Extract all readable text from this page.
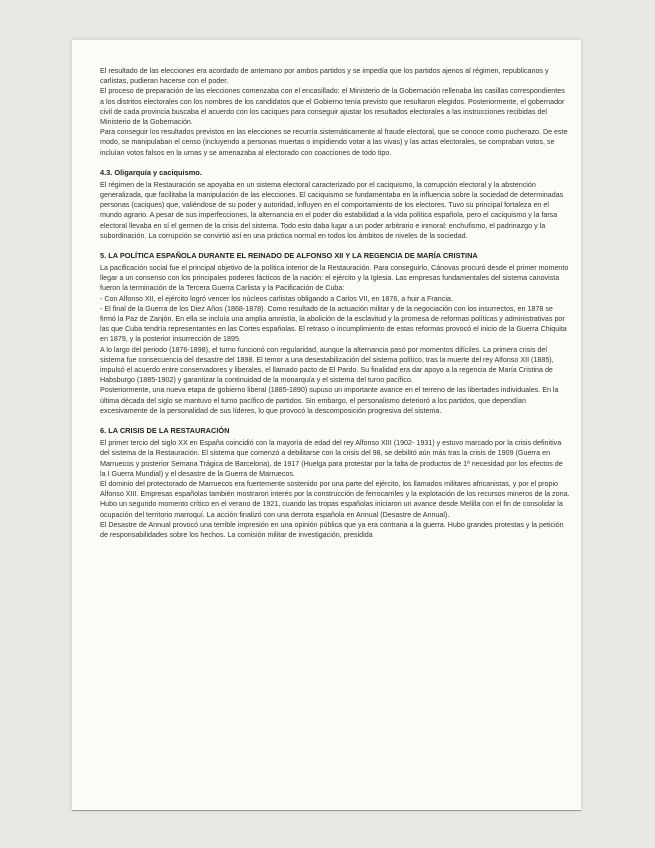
El resultado de las elecciones era acordado de antemano por ambos partidos y se impedía que los partidos ajenos al régimen, republicanos y carlistas, pudieran hacerse con el poder.

El proceso de preparación de las elecciones comenzaba con el encasillado: el Ministerio de la Gobernación rellenaba las casillas correspondientes a los distritos electorales con los nombres de los candidatos que el Gobierno tenía previsto que resultaron elegidos. Posteriormente, el gobernador civil de cada provincia buscaba el acuerdo con los caciques para conseguir ajustar los resultados electorales a las instrucciones recibidas del Ministerio de la Gobernación.

Para conseguir los resultados previstos en las elecciones se recurría sistemáticamente al fraude electoral, que se conoce como pucherazo. De este modo, se manipulaban el censo (incluyendo a personas muertas o impidiendo votar a las vivas) y las actas electorales, se compraban votos, se incluían votos falsos en la urnas y se amenazaba al electorado con coacciones de todo tipo.

4.3. Oligarquía y caciquismo.

El régimen de la Restauración se apoyaba en un sistema electoral caracterizado por el caciquismo, la corrupción electoral y la abstención generalizada, que facilitaba la manipulación de las elecciones. El caciquismo se fundamentaba en la influencia sobre la sociedad de determinadas personas (caciques) que, valiéndose de su poder y autoridad, influyen en el comportamiento de los electores. Tuvo su principal fortaleza en el mundo agrario. A pesar de sus imperfecciones, la alternancia en el poder dio estabilidad a la vida política española, pero el caciquismo y la farsa electoral llevaba en sí el germen de la crisis del sistema. Todo esto daba lugar a un poder arbitrario e inmoral: enchufismo, el padrinazgo y la subordinación. La corrupción se convirtió así en una práctica normal en todos los ámbitos de niveles de la sociedad.

5. LA POLÍTICA ESPAÑOLA DURANTE EL REINADO DE ALFONSO XII Y LA REGENCIA DE MARÍA CRISTINA

La pacificación social fue el principal objetivo de la política interior de la Restauración. Para conseguirlo, Cánovas procuró desde el primer momento llegar a un consenso con los principales poderes fácticos de la nación: el ejército y la Iglesia. Las empresas fundamentales del sistema canovista fueron la terminación de la Tercera Guerra Carlista y la Pacificación de Cuba:

- Con Alfonso XII, el ejército logró vencer los núcleos carlistas obligando a Carlos VII, en 1876, a huir a Francia.

- El final de la Guerra de los Diez Años (1868-1878). Como resultado de la actuación militar y de la negociación con los insurrectos, en 1878 se firmó la Paz de Zanjón. En ella se incluía una amplia amnistía, la abolición de la esclavitud y la promesa de reformas políticas y administrativas por las que Cuba tendría representantes en las Cortes españolas. El retraso o incumplimiento de estas reformas provocó el inicio de la Guerra Chiquita en 1879, y la posterior insurrección de 1895.

A lo largo del periodo (1876-1898), el turno funcionó con regularidad, aunque la alternancia pasó por momentos difíciles. La primera crisis del sistema fue consecuencia del desastre del 1898. El temor a una desestabilización del sistema político, tras la muerte del rey Alfonso XII (1885), impulsó el acuerdo entre conservadores y liberales, el llamado pacto de El Pardo. Su finalidad era dar apoyo a la regencia de María Cristina de Habsburgo (1885-1902) y garantizar la continuidad de la monarquía y el sistema del turno pacífico.

Posteriormente, una nueva etapa de gobierno liberal (1885-1890) supuso un importante avance en el terreno de las libertades individuales. En la última década del siglo se mantuvo el turno pacífico de partidos. Sin embargo, el personalismo deterioró a los partidos, que dependían excesivamente de la personalidad de sus líderes, lo que provocó la descomposición progresiva del sistema.

6. LA CRISIS DE LA RESTAURACIÓN

El primer tercio del siglo XX en España coincidió con la mayoría de edad del rey Alfonso XIII (1902- 1931) y estuvo marcado por la crisis definitiva del sistema de la Restauración. El sistema que comenzó a debilitarse con la crisis del 98, se debilitó aún más tras la crisis de 1909 (Guerra en Marruecos y posterior Semana Trágica de Barcelona), de 1917 (Huelga para protestar por la falta de productos de 1ª necesidad por los efectos de la I Guerra Mundial) y el desastre de la Guerra de Marruecos.

El dominio del protectorado de Marruecos era fuertemente sostenido por una parte del ejército, los llamados militares africanistas, y por el propio Alfonso XIII. Empresas españolas también mostraron interés por la construcción de ferrocarriles y la explotación de los recursos mineros de la zona.

Hubo un segundo momento crítico en el verano de 1921, cuando las tropas españolas iniciaron un avance desde Melilla con el fin de consolidar la ocupación del territorio marroquí. La acción finalizó con una derrota española en Annual (Desastre de Annual).

El Desastre de Annual provocó una terrible impresión en una opinión pública que ya era contraria a la guerra. Hubo grandes protestas y la petición de responsabilidades sobre los hechos. La comisión militar de investigación, presidida
